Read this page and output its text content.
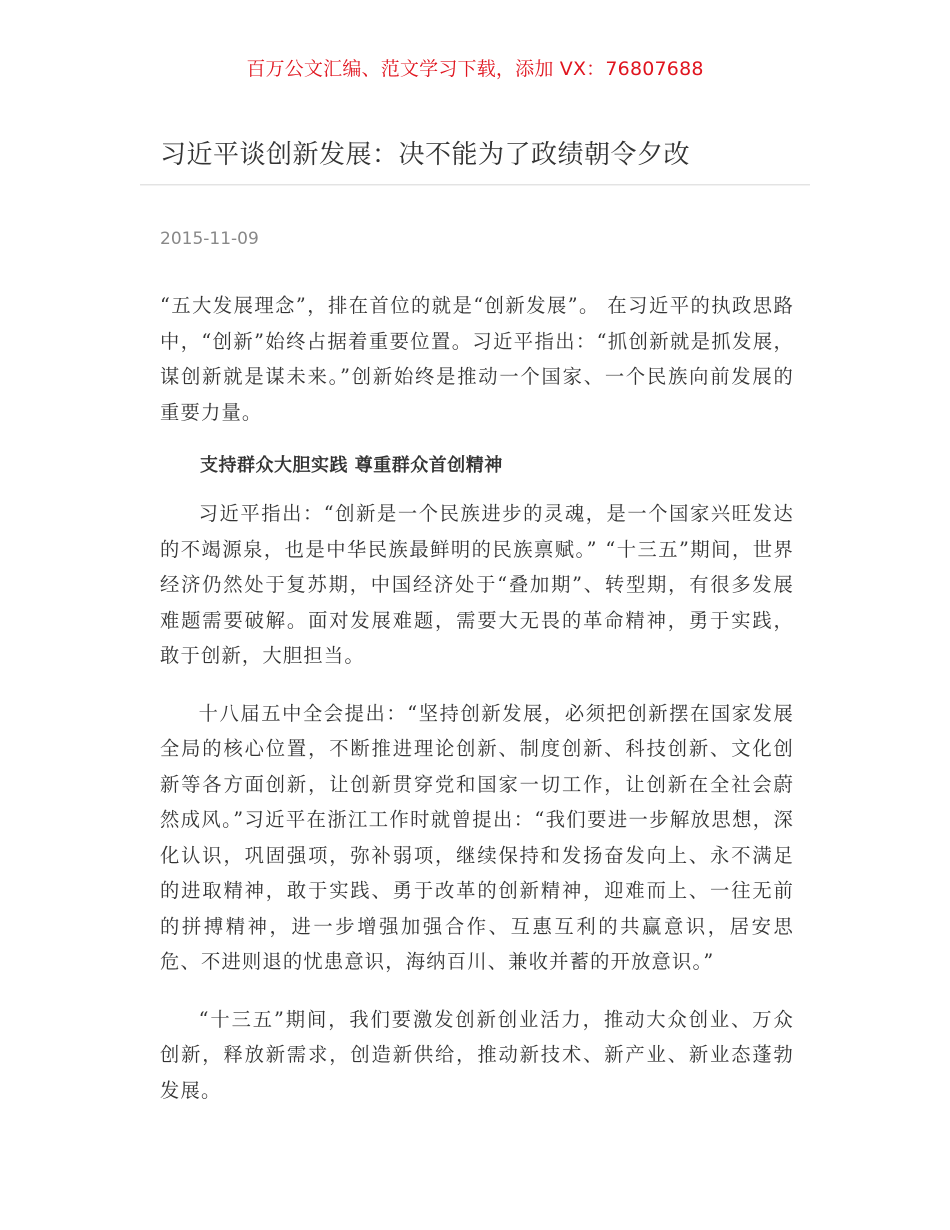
百万公文汇编、范文学习下载，添加 VX：76807688
习近平谈创新发展：决不能为了政绩朝令夕改
2015-11-09

“五大发展理念”，排在首位的就是“创新发展”。 在习近平的执政思路中，“创新”始终占据着重要位置。习近平指出：“抓创新就是抓发展，谋创新就是谋未来。”创新始终是推动一个国家、一个民族向前发展的重要力量。

支持群众大胆实践 尊重群众首创精神

习近平指出：“创新是一个民族进步的灵魂，是一个国家兴旺发达的不竭源泉，也是中华民族最鲜明的民族禀赋。” “十三五”期间，世界经济仍然处于复苏期，中国经济处于“叠加期”、转型期，有很多发展难题需要破解。面对发展难题，需要大无畏的革命精神，勇于实践，敢于创新，大胆担当。

十八届五中全会提出：“坚持创新发展，必须把创新摆在国家发展全局的核心位置，不断推进理论创新、制度创新、科技创新、文化创新等各方面创新，让创新贯穿党和国家一切工作，让创新在全社会蔚然成风。”习近平在浙江工作时就曾提出：“我们要进一步解放思想，深化认识，巩固强项，弥补弱项，继续保持和发扬奋发向上、永不满足的进取精神，敢于实践、勇于改革的创新精神，迎难而上、一往无前的拼搏精神，进一步增强加强合作、互惠互利的共赢意识，居安思危、不进则退的忧患意识，海纳百川、兼收并蓄的开放意识。”

“十三五”期间，我们要激发创新创业活力，推动大众创业、万众创新，释放新需求，创造新供给，推动新技术、新产业、新业态蓬勃发展。
